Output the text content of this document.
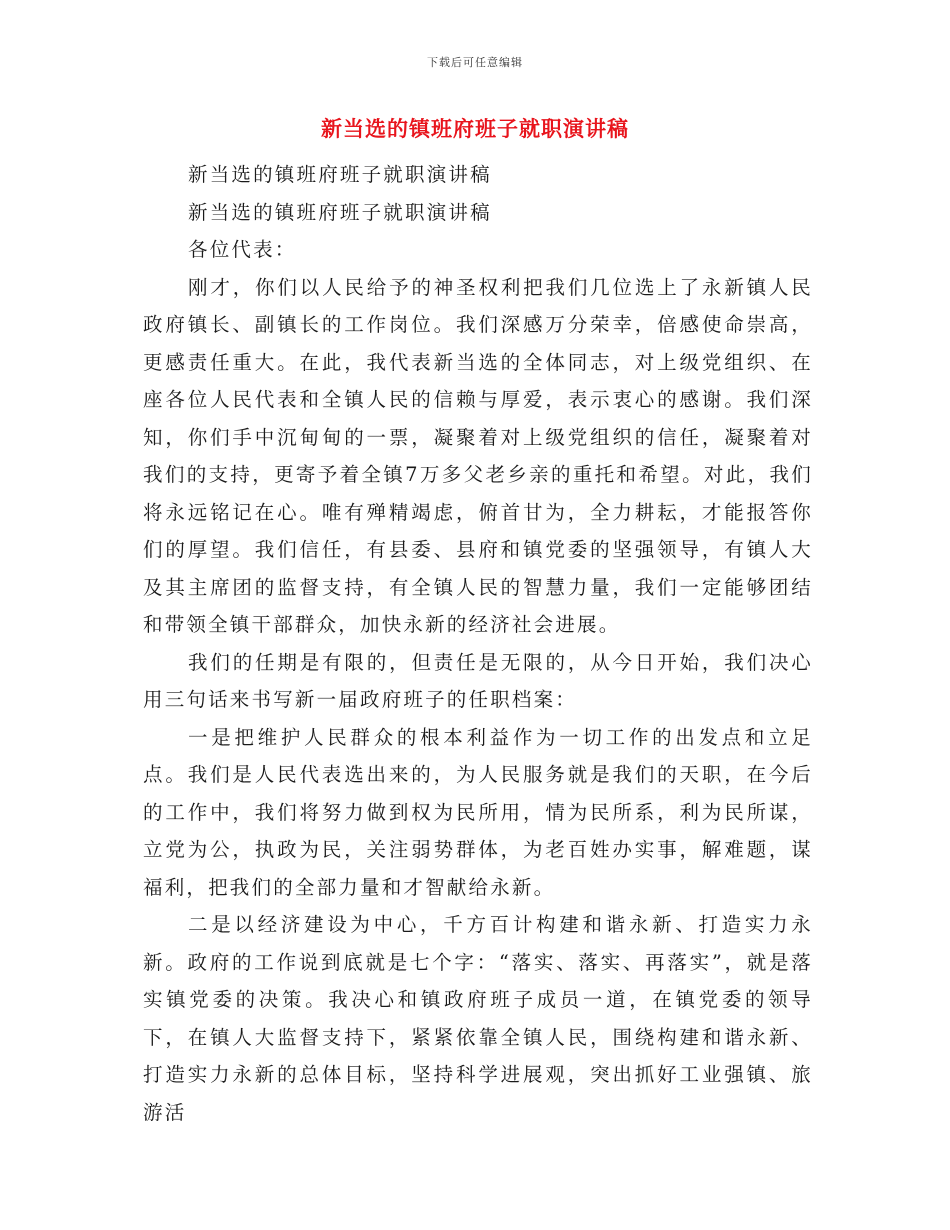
下载后可任意编辑
新当选的镇班府班子就职演讲稿

新当选的镇班府班子就职演讲稿

新当选的镇班府班子就职演讲稿

各位代表：

刚才，你们以人民给予的神圣权利把我们几位选上了永新镇人民政府镇长、副镇长的工作岗位。我们深感万分荣幸，倍感使命崇高，更感责任重大。在此，我代表新当选的全体同志，对上级党组织、在座各位人民代表和全镇人民的信赖与厚爱，表示衷心的感谢。我们深知，你们手中沉甸甸的一票，凝聚着对上级党组织的信任，凝聚着对我们的支持，更寄予着全镇7万多父老乡亲的重托和希望。对此，我们将永远铭记在心。唯有殚精竭虑，俯首甘为，全力耕耘，才能报答你们的厚望。我们信任，有县委、县府和镇党委的坚强领导，有镇人大及其主席团的监督支持，有全镇人民的智慧力量，我们一定能够团结和带领全镇干部群众，加快永新的经济社会进展。

我们的任期是有限的，但责任是无限的，从今日开始，我们决心用三句话来书写新一届政府班子的任职档案：

一是把维护人民群众的根本利益作为一切工作的出发点和立足点。我们是人民代表选出来的，为人民服务就是我们的天职，在今后的工作中，我们将努力做到权为民所用，情为民所系，利为民所谋，立党为公，执政为民，关注弱势群体，为老百姓办实事，解难题，谋福利，把我们的全部力量和才智献给永新。

二是以经济建设为中心，千方百计构建和谐永新、打造实力永新。政府的工作说到底就是七个字：“落实、落实、再落实”，就是落实镇党委的决策。我决心和镇政府班子成员一道，在镇党委的领导下，在镇人大监督支持下，紧紧依靠全镇人民，围绕构建和谐永新、打造实力永新的总体目标，坚持科学进展观，突出抓好工业强镇、旅游活
